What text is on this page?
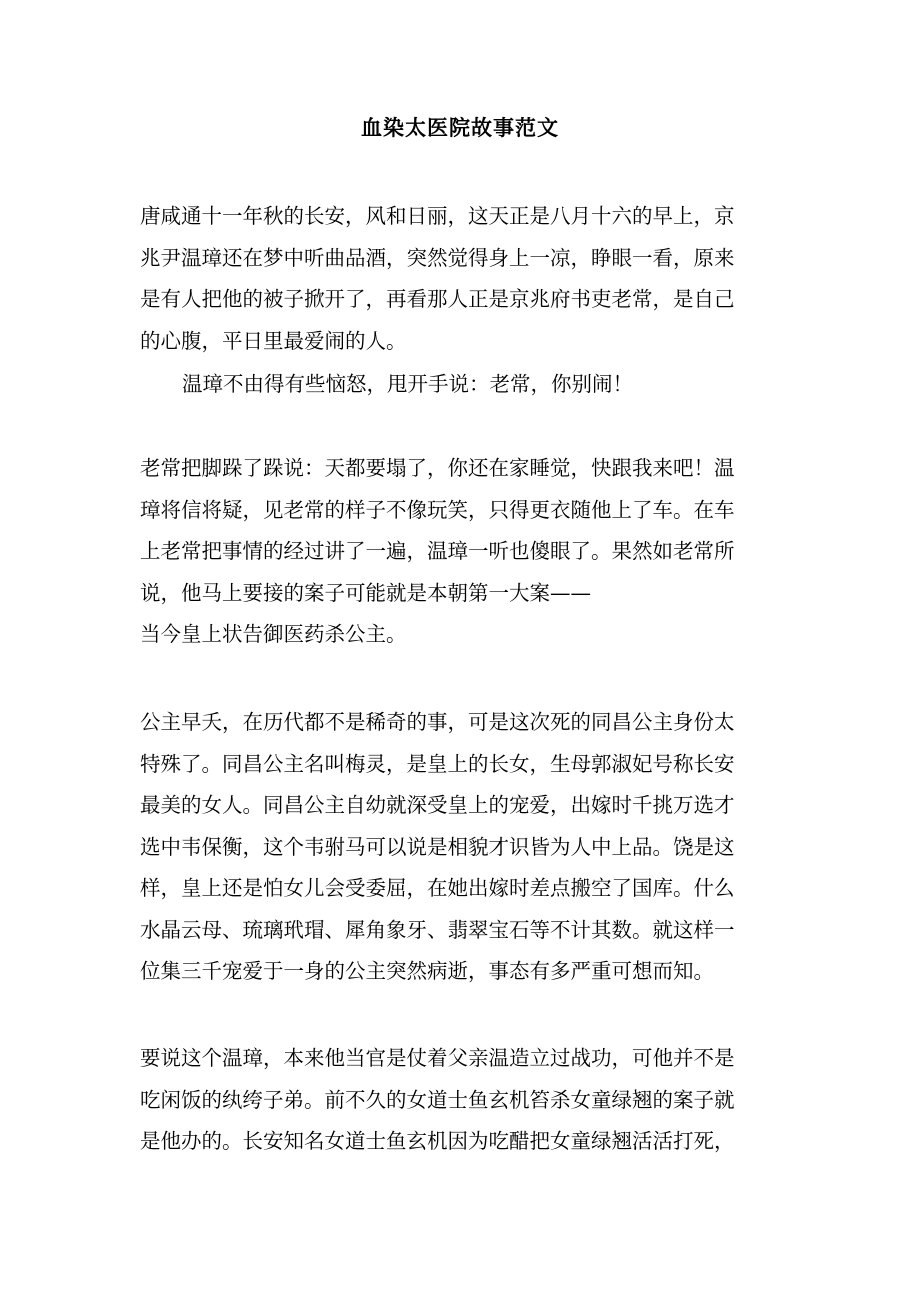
血染太医院故事范文
唐咸通十一年秋的长安，风和日丽，这天正是八月十六的早上，京
兆尹温璋还在梦中听曲品酒，突然觉得身上一凉，睁眼一看，原来
是有人把他的被子掀开了，再看那人正是京兆府书吏老常，是自己
的心腹，平日里最爱闹的人。
温璋不由得有些恼怒，甩开手说：老常，你别闹！
老常把脚跺了跺说：天都要塌了，你还在家睡觉，快跟我来吧！温
璋将信将疑，见老常的样子不像玩笑，只得更衣随他上了车。在车
上老常把事情的经过讲了一遍，温璋一听也傻眼了。果然如老常所
说，他马上要接的案子可能就是本朝第一大案——
当今皇上状告御医药杀公主。
公主早夭，在历代都不是稀奇的事，可是这次死的同昌公主身份太
特殊了。同昌公主名叫梅灵，是皇上的长女，生母郭淑妃号称长安
最美的女人。同昌公主自幼就深受皇上的宠爱，出嫁时千挑万选才
选中韦保衡，这个韦驸马可以说是相貌才识皆为人中上品。饶是这
样，皇上还是怕女儿会受委屈，在她出嫁时差点搬空了国库。什么
水晶云母、琉璃玳瑁、犀角象牙、翡翠宝石等不计其数。就这样一
位集三千宠爱于一身的公主突然病逝，事态有多严重可想而知。
要说这个温璋，本来他当官是仗着父亲温造立过战功，可他并不是
吃闲饭的纨绔子弟。前不久的女道士鱼玄机笞杀女童绿翘的案子就
是他办的。长安知名女道士鱼玄机因为吃醋把女童绿翘活活打死，
